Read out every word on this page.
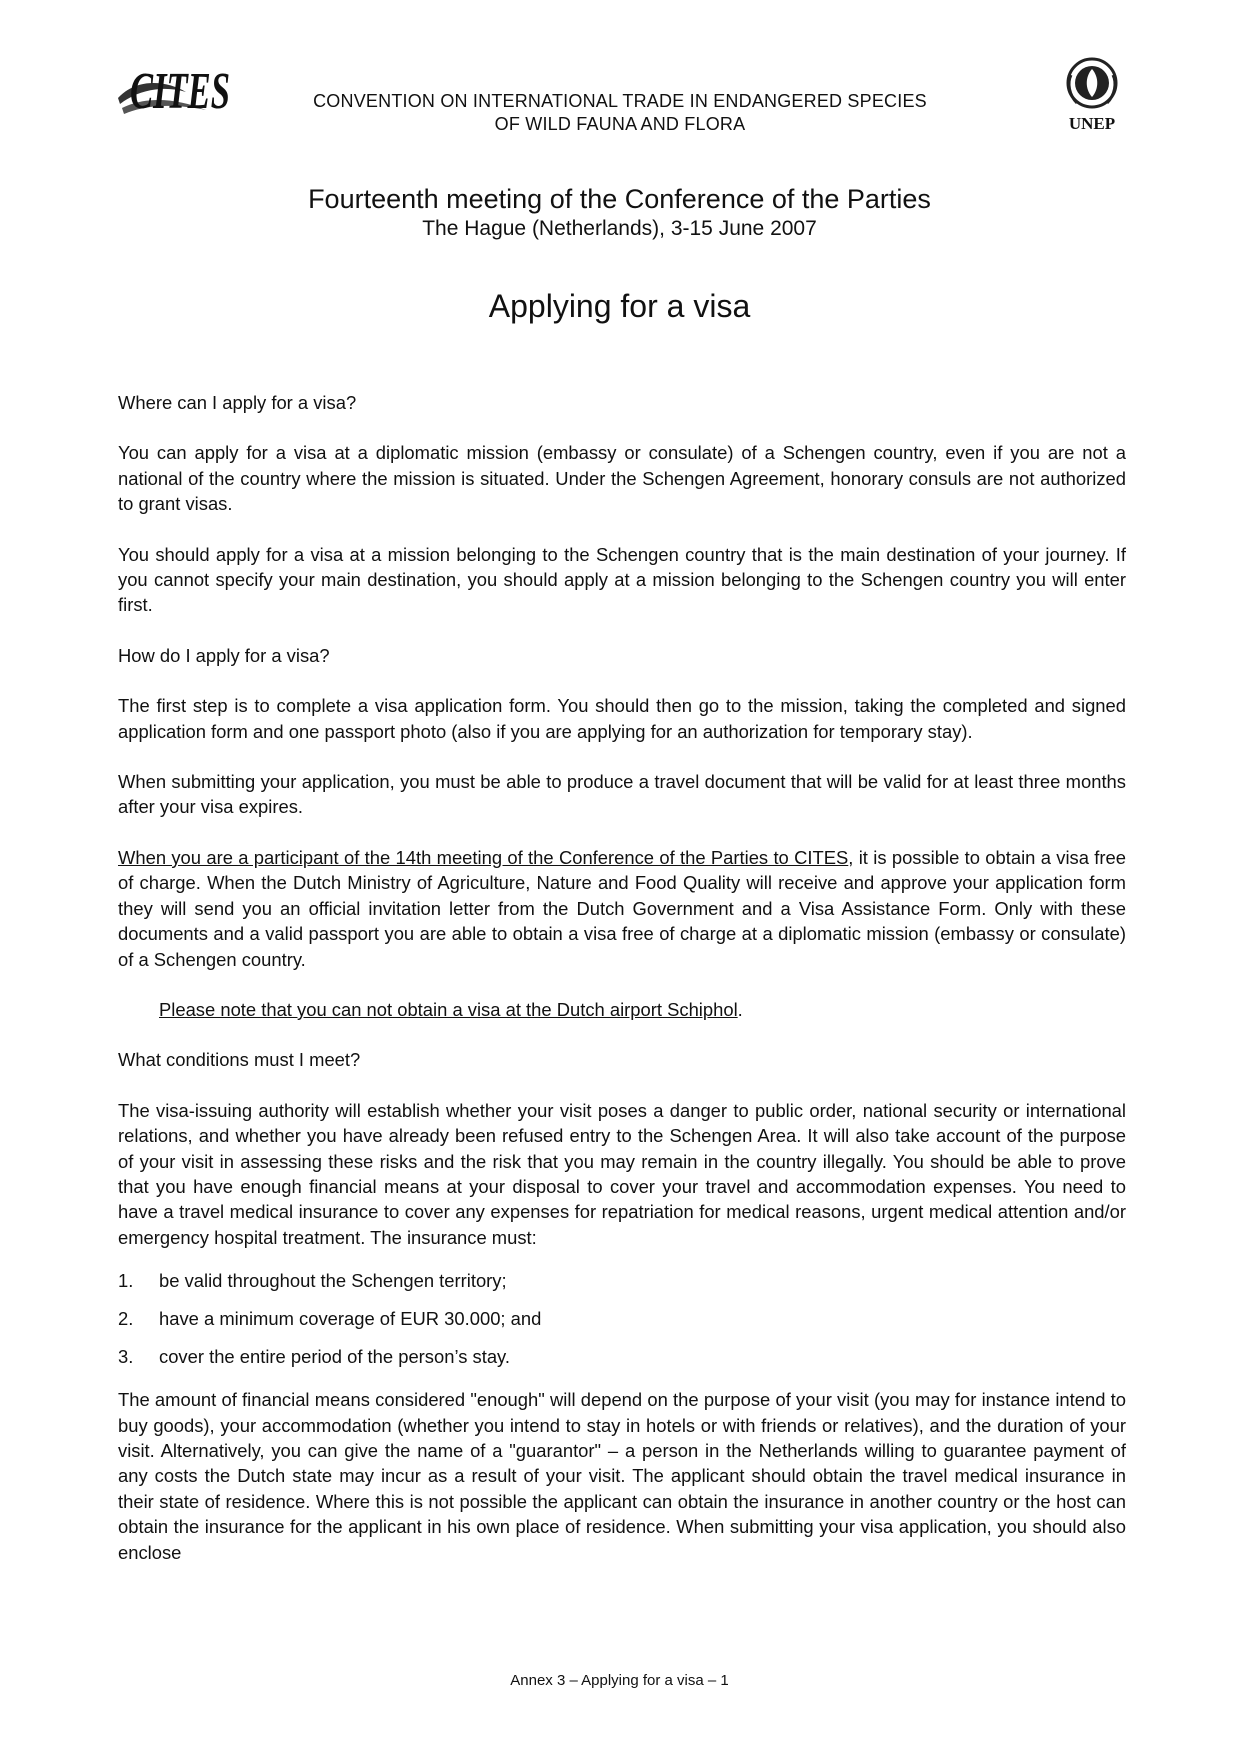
CITES
UNEP
CONVENTION ON INTERNATIONAL TRADE IN ENDANGERED SPECIES
OF WILD FAUNA AND FLORA
Fourteenth meeting of the Conference of the Parties
The Hague (Netherlands), 3-15 June 2007
Applying for a visa

Where can I apply for a visa?

You can apply for a visa at a diplomatic mission (embassy or consulate) of a Schengen country, even if you are not a national of the country where the mission is situated. Under the Schengen Agreement, honorary consuls are not authorized to grant visas.

You should apply for a visa at a mission belonging to the Schengen country that is the main destination of your journey. If you cannot specify your main destination, you should apply at a mission belonging to the Schengen country you will enter first.

How do I apply for a visa?

The first step is to complete a visa application form. You should then go to the mission, taking the completed and signed application form and one passport photo (also if you are applying for an authorization for temporary stay).

When submitting your application, you must be able to produce a travel document that will be valid for at least three months after your visa expires.

When you are a participant of the 14th meeting of the Conference of the Parties to CITES, it is possible to obtain a visa free of charge. When the Dutch Ministry of Agriculture, Nature and Food Quality will receive and approve your application form they will send you an official invitation letter from the Dutch Government and a Visa Assistance Form. Only with these documents and a valid passport you are able to obtain a visa free of charge at a diplomatic mission (embassy or consulate) of a Schengen country.

Please note that you can not obtain a visa at the Dutch airport Schiphol.

What conditions must I meet?

The visa-issuing authority will establish whether your visit poses a danger to public order, national security or international relations, and whether you have already been refused entry to the Schengen Area. It will also take account of the purpose of your visit in assessing these risks and the risk that you may remain in the country illegally. You should be able to prove that you have enough financial means at your disposal to cover your travel and accommodation expenses. You need to have a travel medical insurance to cover any expenses for repatriation for medical reasons, urgent medical attention and/or emergency hospital treatment. The insurance must:

1. be valid throughout the Schengen territory;
2. have a minimum coverage of EUR 30.000; and
3. cover the entire period of the person’s stay.

The amount of financial means considered "enough" will depend on the purpose of your visit (you may for instance intend to buy goods), your accommodation (whether you intend to stay in hotels or with friends or relatives), and the duration of your visit. Alternatively, you can give the name of a "guarantor" – a person in the Netherlands willing to guarantee payment of any costs the Dutch state may incur as a result of your visit. The applicant should obtain the travel medical insurance in their state of residence. Where this is not possible the applicant can obtain the insurance in another country or the host can obtain the insurance for the applicant in his own place of residence. When submitting your visa application, you should also enclose

Annex 3 – Applying for a visa – 1
